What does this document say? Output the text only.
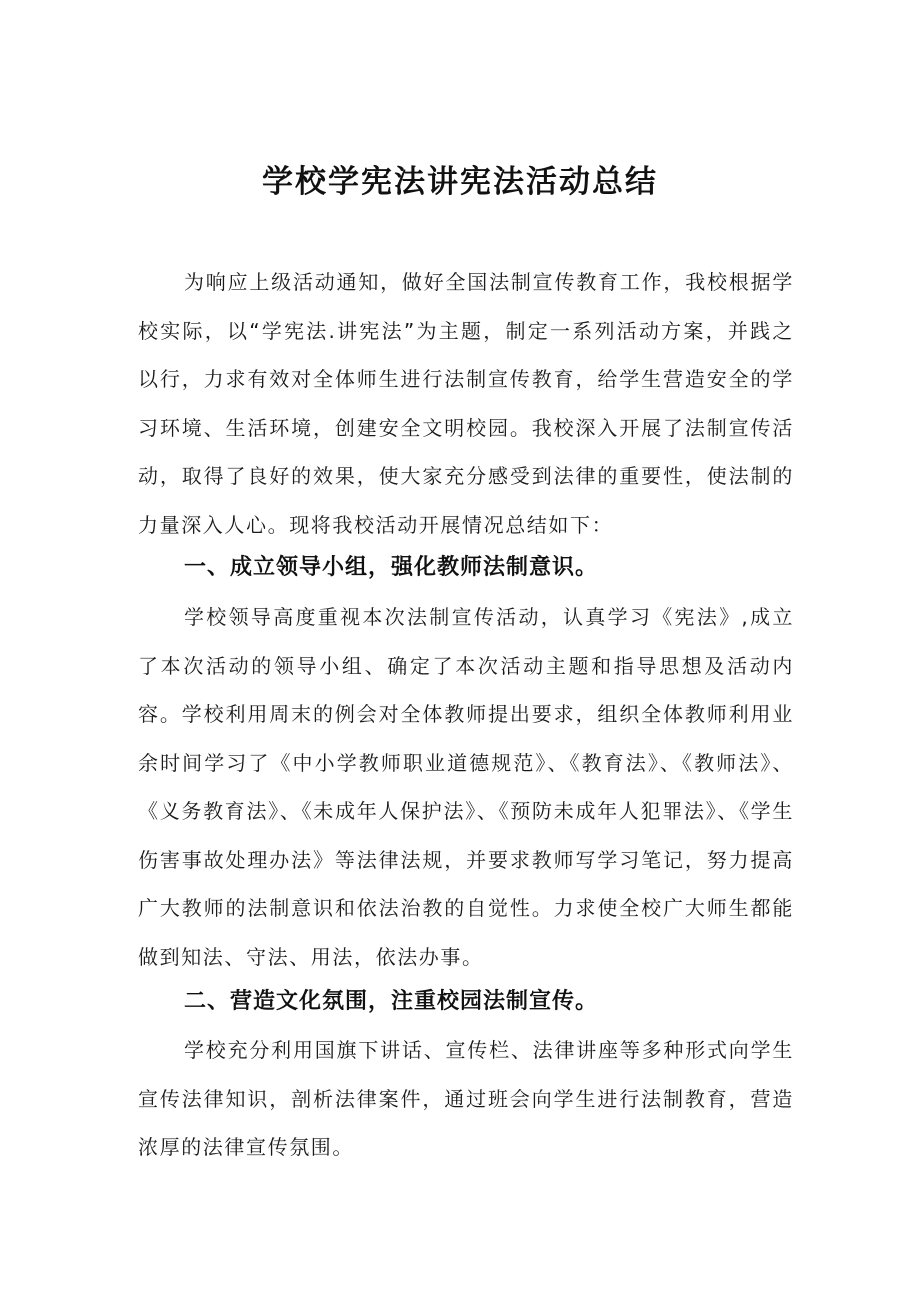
学校学宪法讲宪法活动总结

为响应上级活动通知，做好全国法制宣传教育工作，我校根据学校实际，以“学宪法.讲宪法”为主题，制定一系列活动方案，并践之以行，力求有效对全体师生进行法制宣传教育，给学生营造安全的学习环境、生活环境，创建安全文明校园。我校深入开展了法制宣传活动，取得了良好的效果，使大家充分感受到法律的重要性，使法制的力量深入人心。现将我校活动开展情况总结如下：

一、成立领导小组，强化教师法制意识。

学校领导高度重视本次法制宣传活动，认真学习《宪法》,成立了本次活动的领导小组、确定了本次活动主题和指导思想及活动内容。学校利用周末的例会对全体教师提出要求，组织全体教师利用业余时间学习了《中小学教师职业道德规范》、《教育法》、《教师法》、《义务教育法》、《未成年人保护法》、《预防未成年人犯罪法》、《学生伤害事故处理办法》等法律法规，并要求教师写学习笔记，努力提高广大教师的法制意识和依法治教的自觉性。力求使全校广大师生都能做到知法、守法、用法，依法办事。

二、营造文化氛围，注重校园法制宣传。

学校充分利用国旗下讲话、宣传栏、法律讲座等多种形式向学生宣传法律知识，剖析法律案件，通过班会向学生进行法制教育，营造浓厚的法律宣传氛围。
